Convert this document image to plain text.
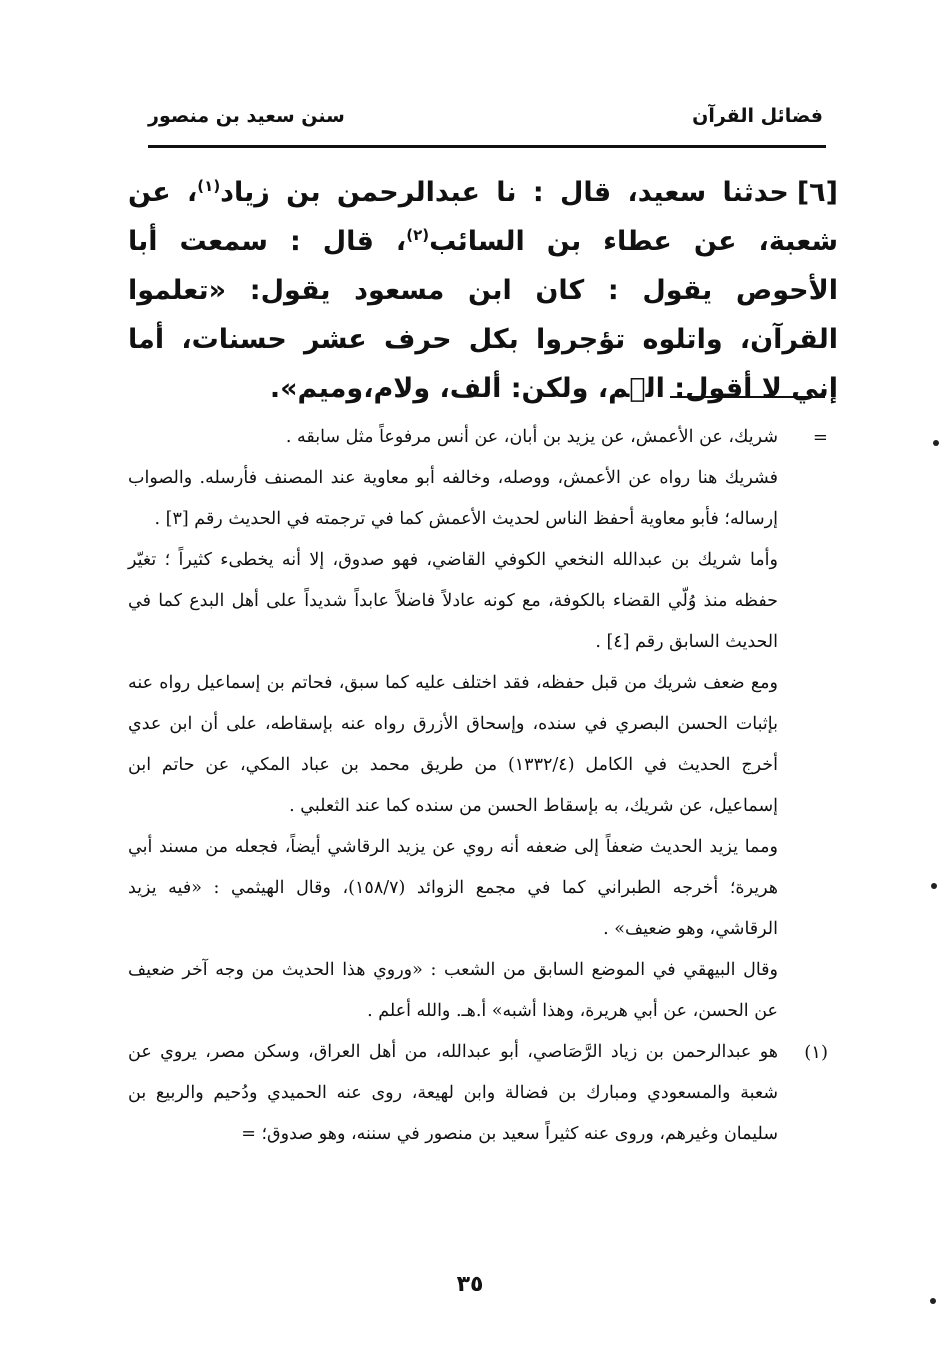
فضائل القرآن
سنن سعيد بن منصور
[٦]حدثنا سعيد، قال : نا عبدالرحمن بن زياد$^{(١)}$، عن شعبة، عن عطاء بن السائب$^{(٢)}$، قال : سمعت أبا الأحوص يقول : كان ابن مسعود يقول: «تعلموا القرآن، واتلوه تؤجروا بكل حرف عشر حسنات، أما إني لا أقول: الۤم، ولكن: ألف، ولام،وميم».
=

شريك، عن الأعمش، عن يزيد بن أبان، عن أنس مرفوعاً مثل سابقه .

فشريك هنا رواه عن الأعمش، ووصله، وخالفه أبو معاوية عند المصنف فأرسله. والصواب إرساله؛ فأبو معاوية أحفظ الناس لحديث الأعمش كما في ترجمته في الحديث رقم [٣] .

وأما شريك بن عبدالله النخعي الكوفي القاضي، فهو صدوق، إلا أنه يخطىء كثيراً ؛ تغيّر حفظه منذ وُلّي القضاء بالكوفة، مع كونه عادلاً فاضلاً عابداً شديداً على أهل البدع كما في الحديث السابق رقم [٤] .

ومع ضعف شريك من قبل حفظه، فقد اختلف عليه كما سبق، فحاتم بن إسماعيل رواه عنه بإثبات الحسن البصري في سنده، وإسحاق الأزرق رواه عنه بإسقاطه، على أن ابن عدي أخرج الحديث في الكامل (١٣٣٢/٤) من طريق محمد بن عباد المكي، عن حاتم ابن إسماعيل، عن شريك، به بإسقاط الحسن من سنده كما عند الثعلبي .

ومما يزيد الحديث ضعفاً إلى ضعفه أنه روي عن يزيد الرقاشي أيضاً، فجعله من مسند أبي هريرة؛ أخرجه الطبراني كما في مجمع الزوائد (١٥٨/٧)، وقال الهيثمي : «فيه يزيد الرقاشي، وهو ضعيف» .

وقال البيهقي في الموضع السابق من الشعب : «وروي هذا الحديث من وجه آخر ضعيف عن الحسن، عن أبي هريرة، وهذا أشبه» أ.هـ. والله أعلم .

(١)

هو عبدالرحمن بن زياد الرَّصَاصي، أبو عبدالله، من أهل العراق، وسكن مصر، يروي عن شعبة والمسعودي ومبارك بن فضالة وابن لهيعة، روى عنه الحميدي ودُحيم والربيع بن سليمان وغيرهم، وروى عنه كثيراً سعيد بن منصور في سننه، وهو صدوق؛ =

٣٥
